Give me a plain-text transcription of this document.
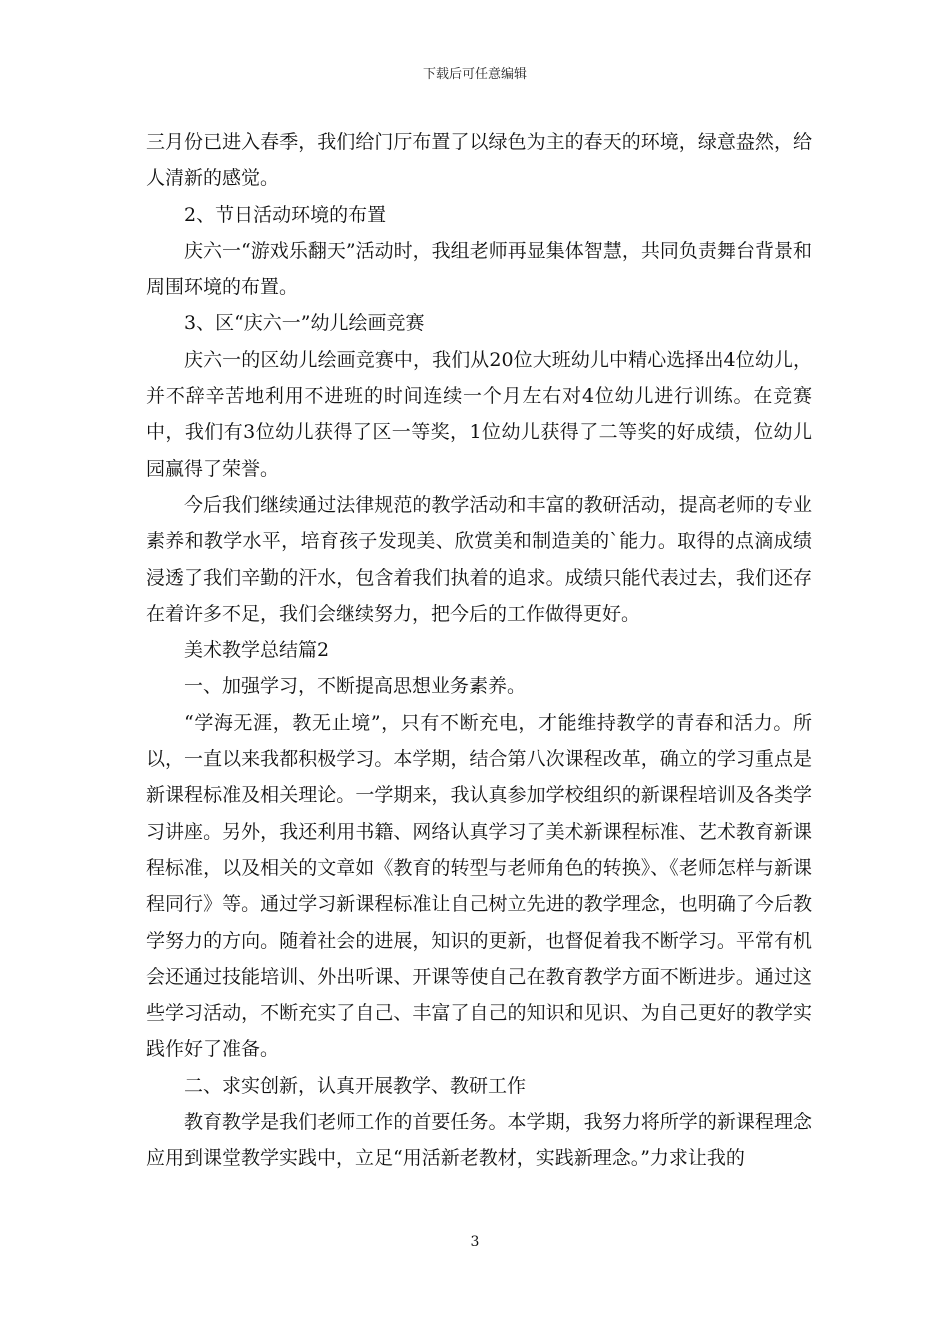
下载后可任意编辑

三月份已进入春季，我们给门厅布置了以绿色为主的春天的环境，绿意盎然，给人清新的感觉。

2、节日活动环境的布置

庆六一“游戏乐翻天”活动时，我组老师再显集体智慧，共同负责舞台背景和周围环境的布置。

3、区“庆六一”幼儿绘画竞赛

庆六一的区幼儿绘画竞赛中，我们从20位大班幼儿中精心选择出4位幼儿，并不辞辛苦地利用不进班的时间连续一个月左右对4位幼儿进行训练。在竞赛中，我们有3位幼儿获得了区一等奖，1位幼儿获得了二等奖的好成绩，位幼儿园赢得了荣誉。

今后我们继续通过法律规范的教学活动和丰富的教研活动，提高老师的专业素养和教学水平，培育孩子发现美、欣赏美和制造美的`能力。取得的点滴成绩浸透了我们辛勤的汗水，包含着我们执着的追求。成绩只能代表过去，我们还存在着许多不足，我们会继续努力，把今后的工作做得更好。

美术教学总结篇2

一、加强学习，不断提高思想业务素养。

“学海无涯，教无止境”，只有不断充电，才能维持教学的青春和活力。所以，一直以来我都积极学习。本学期，结合第八次课程改革，确立的学习重点是新课程标准及相关理论。一学期来，我认真参加学校组织的新课程培训及各类学习讲座。另外，我还利用书籍、网络认真学习了美术新课程标准、艺术教育新课程标准，以及相关的文章如《教育的转型与老师角色的转换》、《老师怎样与新课程同行》等。通过学习新课程标准让自己树立先进的教学理念，也明确了今后教学努力的方向。随着社会的进展，知识的更新，也督促着我不断学习。平常有机会还通过技能培训、外出听课、开课等使自己在教育教学方面不断进步。通过这些学习活动，不断充实了自己、丰富了自己的知识和见识、为自己更好的教学实践作好了准备。

二、求实创新，认真开展教学、教研工作

教育教学是我们老师工作的首要任务。本学期，我努力将所学的新课程理念应用到课堂教学实践中，立足“用活新老教材，实践新理念。”力求让我的

3
